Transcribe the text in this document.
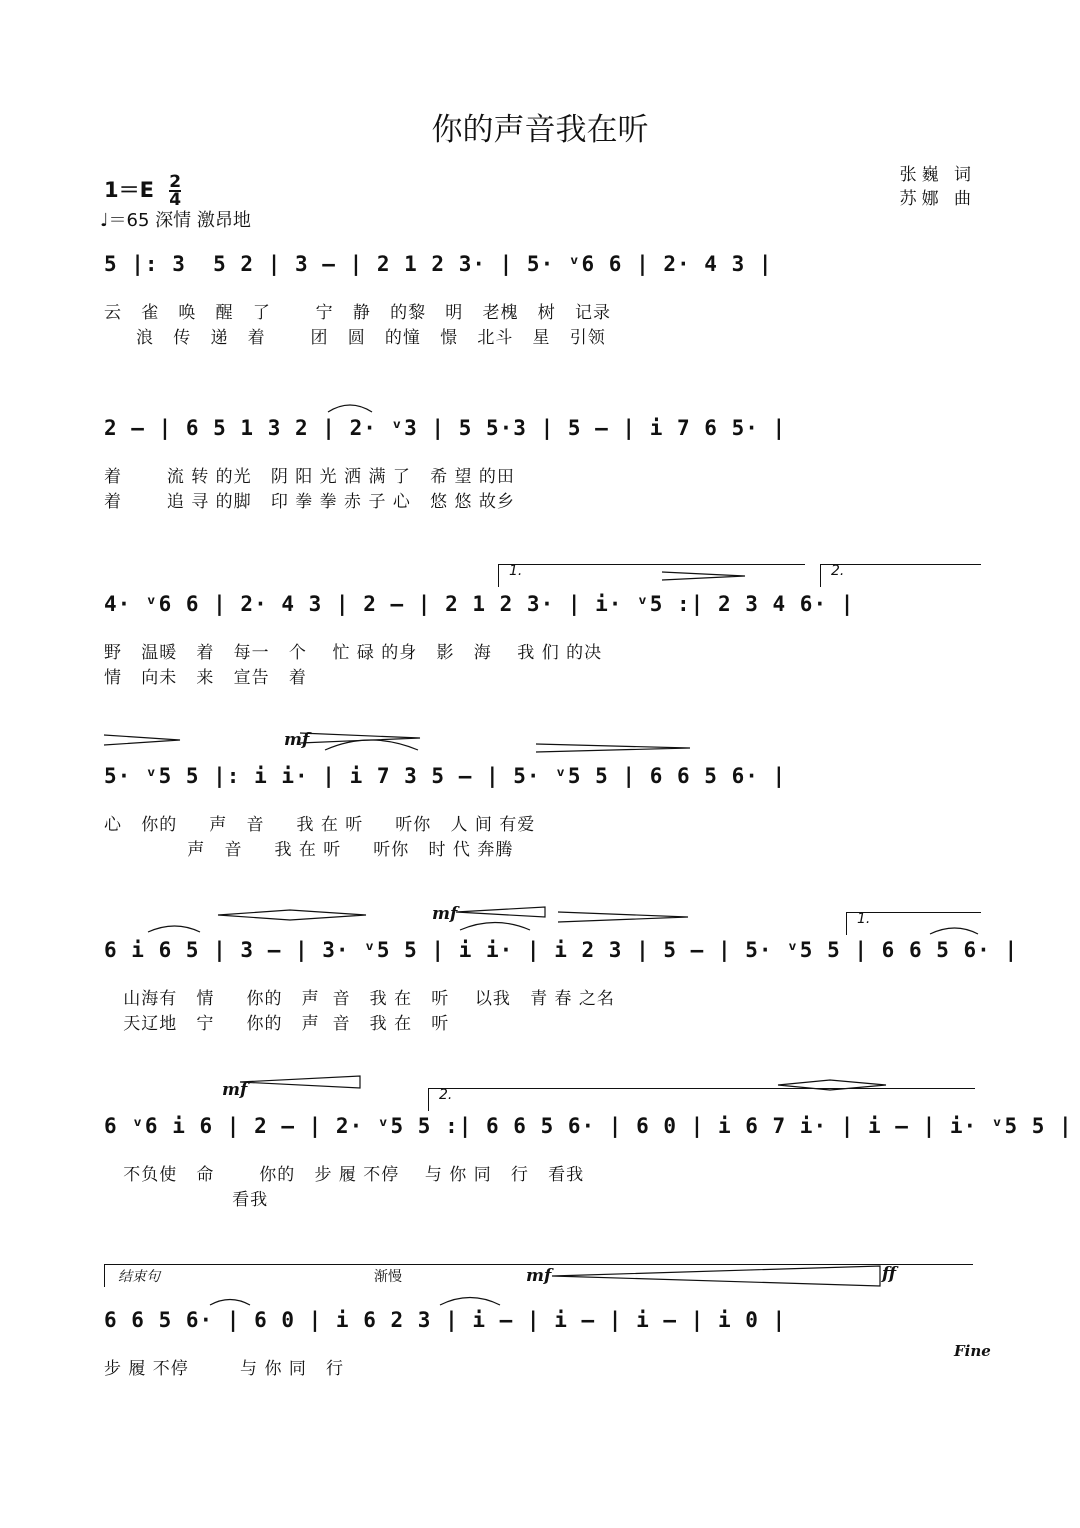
你的声音我在听
张巍 词
苏娜 曲
$1=E \frac{2}{4}$
♩＝65 深情 激昂地
5 |: 3  5 2 | 3 – | 2 1 2 3· | 5· ᵛ6 6 | 2· 4 3 |
云   雀   唤   醒   了       宁   静   的黎   明   老槐   树   记录
浪   传   递   着       团   圆   的憧   憬   北斗   星   引领
2 – | 6 5 1 3 2 | 2· ᵛ3 | 5 5·3 | 5 – | i 7 6 5· |
着       流 转 的光   阴 阳 光 洒 满 了   希 望 的田
着       追 寻 的脚   印 拳 拳 赤 子 心   悠 悠 故乡
1.	2.
4· ᵛ6 6 | 2· 4 3 | 2 – | 2 1 2 3· | i· ᵛ5 :| 2 3 4 6· |
野   温暖   着   每一   个    忙 碌 的身   影   海    我 们 的决
情   向未   来   宣告   着
mf
5· ᵛ5 5 |: i i· | i 7 3 5 – | 5· ᵛ5 5 | 6 6 5 6· |
心   你的     声   音     我 在 听     听你   人 间 有爱
声   音     我 在 听     听你   时 代 奔腾
mf	1.
6 i 6 5 | 3 – | 3· ᵛ5 5 | i i· | i 2 3 | 5 – | 5· ᵛ5 5 | 6 6 5 6· |
山海有   情     你的   声  音   我 在   听    以我   青 春 之名
天辽地   宁     你的   声  音   我 在   听
mf	2.
6 ᵛ6 i 6 | 2 – | 2· ᵛ5 5 :| 6 6 5 6· | 6 0 | i 6 7 i· | i – | i· ᵛ5 5 |
不负使   命       你的   步 履 不停    与 你 同   行   看我
看我
结束句	渐慢	mf	ff
6 6 5 6· | 6 0 | i 6 2 3 | i – | i – | i – | i 0 |
步 履 不停        与 你 同   行
Fine
